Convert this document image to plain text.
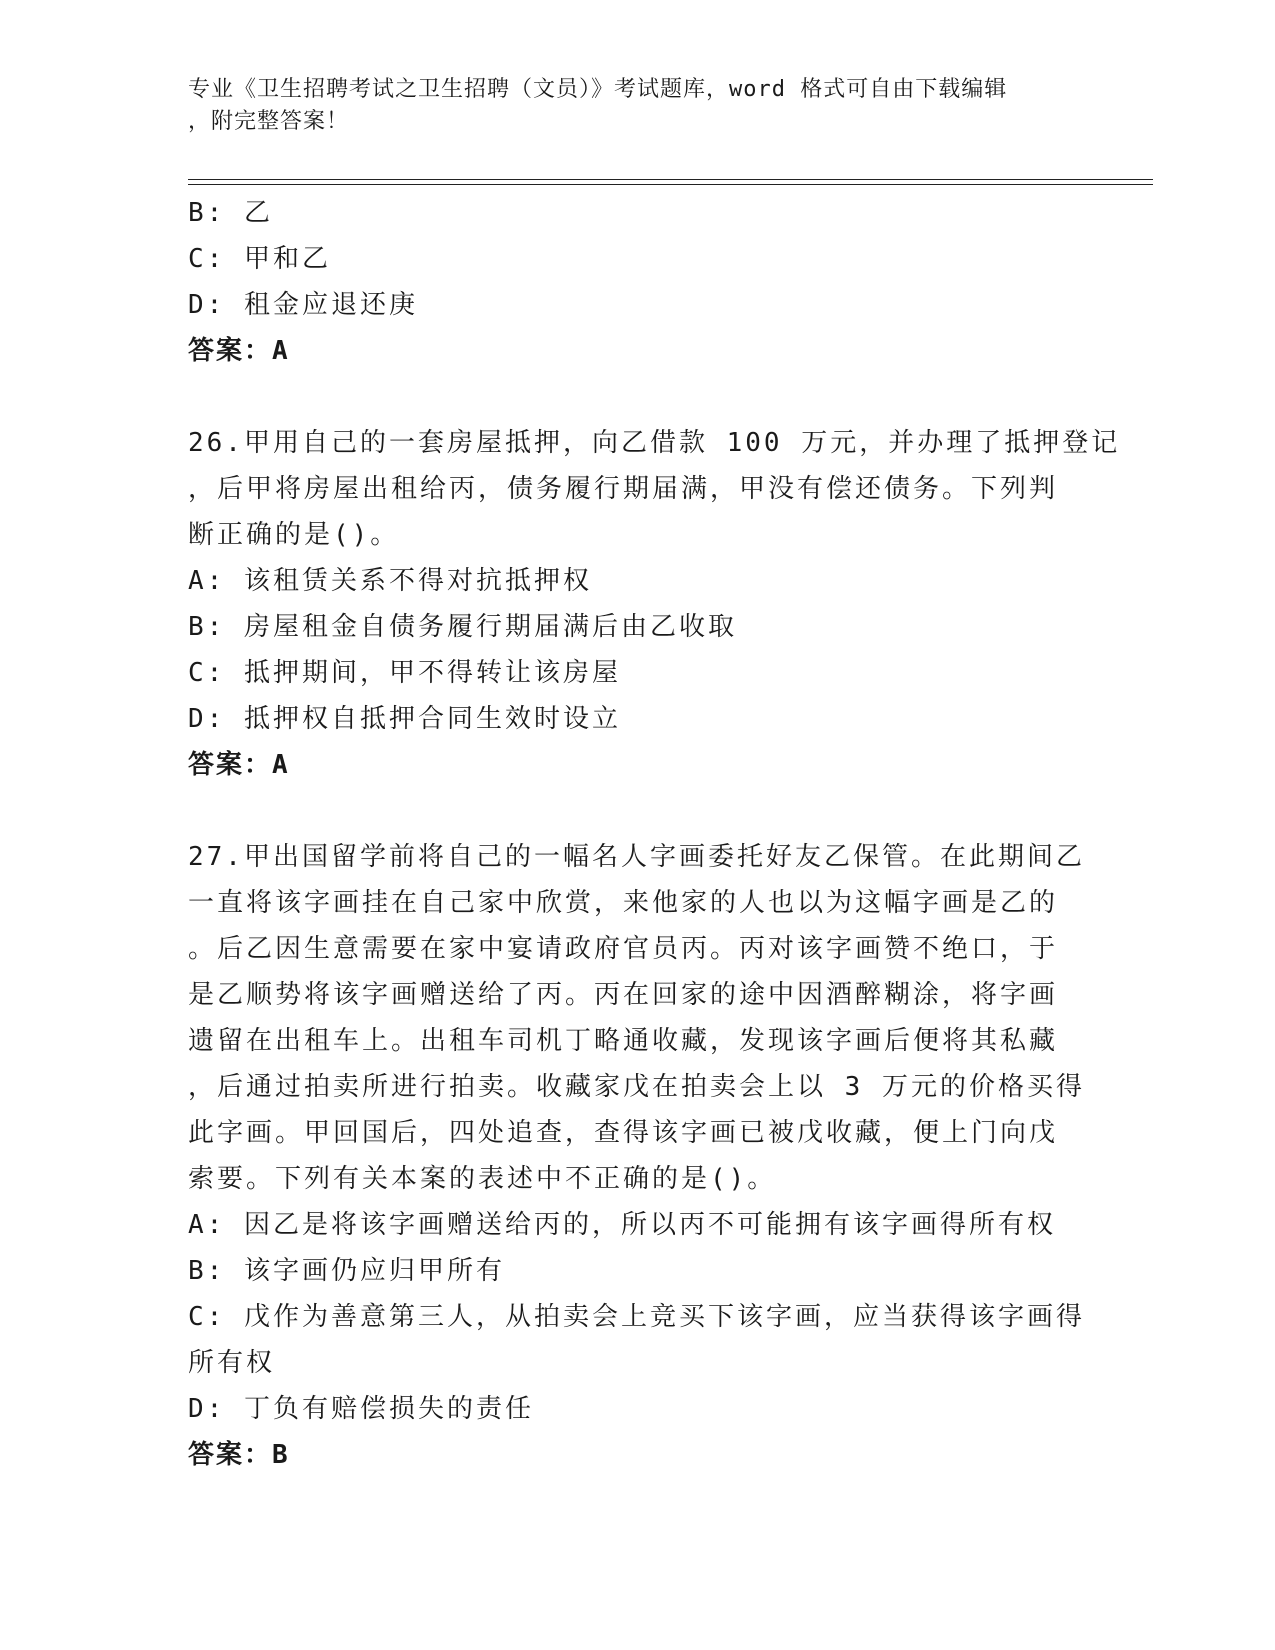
专业《卫生招聘考试之卫生招聘（文员）》考试题库，word 格式可自由下载编辑
，附完整答案！
B: 乙
C: 甲和乙
D: 租金应退还庚
答案：A
26.甲用自己的一套房屋抵押，向乙借款 100 万元，并办理了抵押登记
，后甲将房屋出租给丙，债务履行期届满，甲没有偿还债务。下列判
断正确的是()。
A: 该租赁关系不得对抗抵押权
B: 房屋租金自债务履行期届满后由乙收取
C: 抵押期间，甲不得转让该房屋
D: 抵押权自抵押合同生效时设立
答案：A
27.甲出国留学前将自己的一幅名人字画委托好友乙保管。在此期间乙
一直将该字画挂在自己家中欣赏，来他家的人也以为这幅字画是乙的
。后乙因生意需要在家中宴请政府官员丙。丙对该字画赞不绝口，于
是乙顺势将该字画赠送给了丙。丙在回家的途中因酒醉糊涂，将字画
遗留在出租车上。出租车司机丁略通收藏，发现该字画后便将其私藏
，后通过拍卖所进行拍卖。收藏家戊在拍卖会上以 3 万元的价格买得
此字画。甲回国后，四处追查，查得该字画已被戊收藏，便上门向戊
索要。下列有关本案的表述中不正确的是()。
A: 因乙是将该字画赠送给丙的，所以丙不可能拥有该字画得所有权
B: 该字画仍应归甲所有
C: 戊作为善意第三人，从拍卖会上竞买下该字画，应当获得该字画得
所有权
D: 丁负有赔偿损失的责任
答案：B
